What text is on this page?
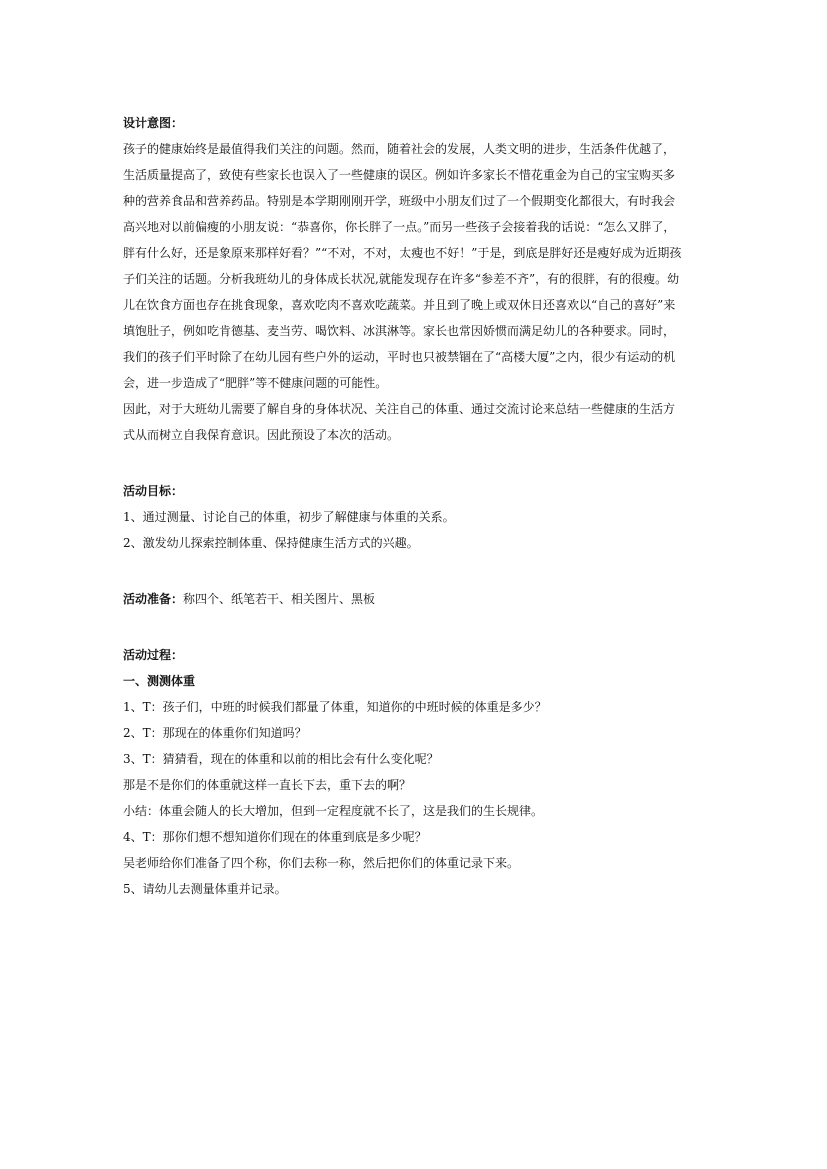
设计意图：
孩子的健康始终是最值得我们关注的问题。然而，随着社会的发展，人类文明的进步，生活条件优越了，
生活质量提高了，致使有些家长也误入了一些健康的误区。例如许多家长不惜花重金为自己的宝宝购买多
种的营养食品和营养药品。特别是本学期刚刚开学，班级中小朋友们过了一个假期变化都很大，有时我会
高兴地对以前偏瘦的小朋友说：“恭喜你，你长胖了一点。”而另一些孩子会接着我的话说：“怎么又胖了，
胖有什么好，还是象原来那样好看？”“不对，不对，太瘦也不好！”于是，到底是胖好还是瘦好成为近期孩
子们关注的话题。分析我班幼儿的身体成长状况,就能发现存在许多“参差不齐”，有的很胖，有的很瘦。幼
儿在饮食方面也存在挑食现象，喜欢吃肉不喜欢吃蔬菜。并且到了晚上或双休日还喜欢以“自己的喜好”来
填饱肚子，例如吃肯德基、麦当劳、喝饮料、冰淇淋等。家长也常因娇惯而满足幼儿的各种要求。同时，
我们的孩子们平时除了在幼儿园有些户外的运动，平时也只被禁锢在了“高楼大厦”之内，很少有运动的机
会，进一步造成了“肥胖”等不健康问题的可能性。
因此，对于大班幼儿需要了解自身的身体状况、关注自己的体重、通过交流讨论来总结一些健康的生活方
式从而树立自我保育意识。因此预设了本次的活动。
活动目标：
1、通过测量、讨论自己的体重，初步了解健康与体重的关系。
2、激发幼儿探索控制体重、保持健康生活方式的兴趣。
活动准备：称四个、纸笔若干、相关图片、黑板
活动过程：
一、测测体重
1、T：孩子们，中班的时候我们都量了体重，知道你的中班时候的体重是多少？
2、T：那现在的体重你们知道吗？
3、T：猜猜看，现在的体重和以前的相比会有什么变化呢？
那是不是你们的体重就这样一直长下去，重下去的啊？
小结：体重会随人的长大增加，但到一定程度就不长了，这是我们的生长规律。
4、T：那你们想不想知道你们现在的体重到底是多少呢？
吴老师给你们准备了四个称，你们去称一称，然后把你们的体重记录下来。
5、请幼儿去测量体重并记录。
